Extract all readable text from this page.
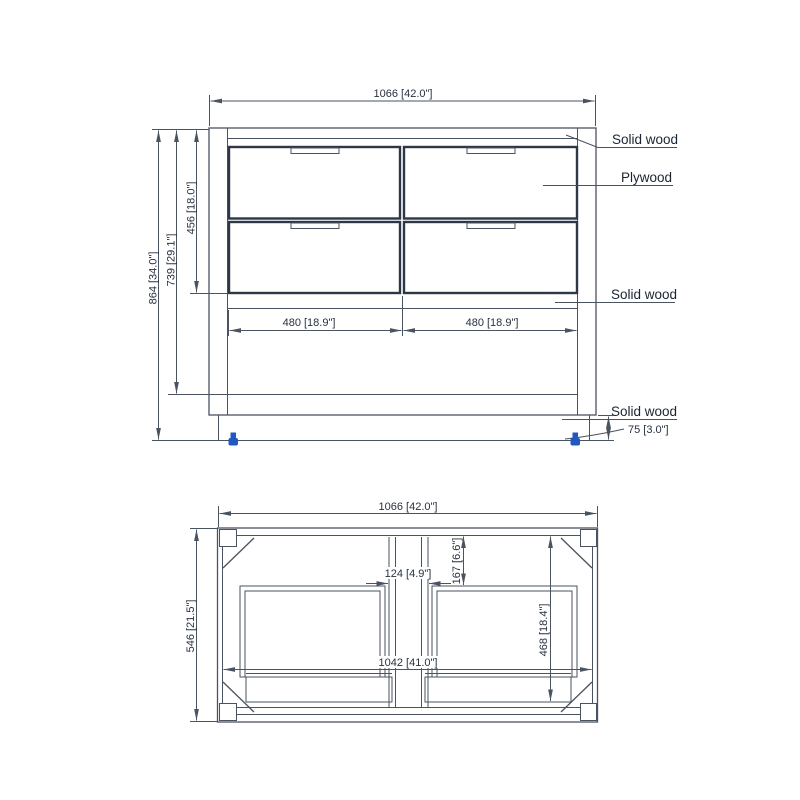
1066 [42.0"]
864 [34.0"] 739 [29.1"]
456 [18.0"]
480 [18.9"]	480 [18.9"]
Solid wood
Plywood
Solid wood
Solid wood
75 [3.0"]
1066 [42.0"]
546 [21.5"]
124 [4.9"] 167 [6.6"]
468 [18.4"]
1042 [41.0"]
